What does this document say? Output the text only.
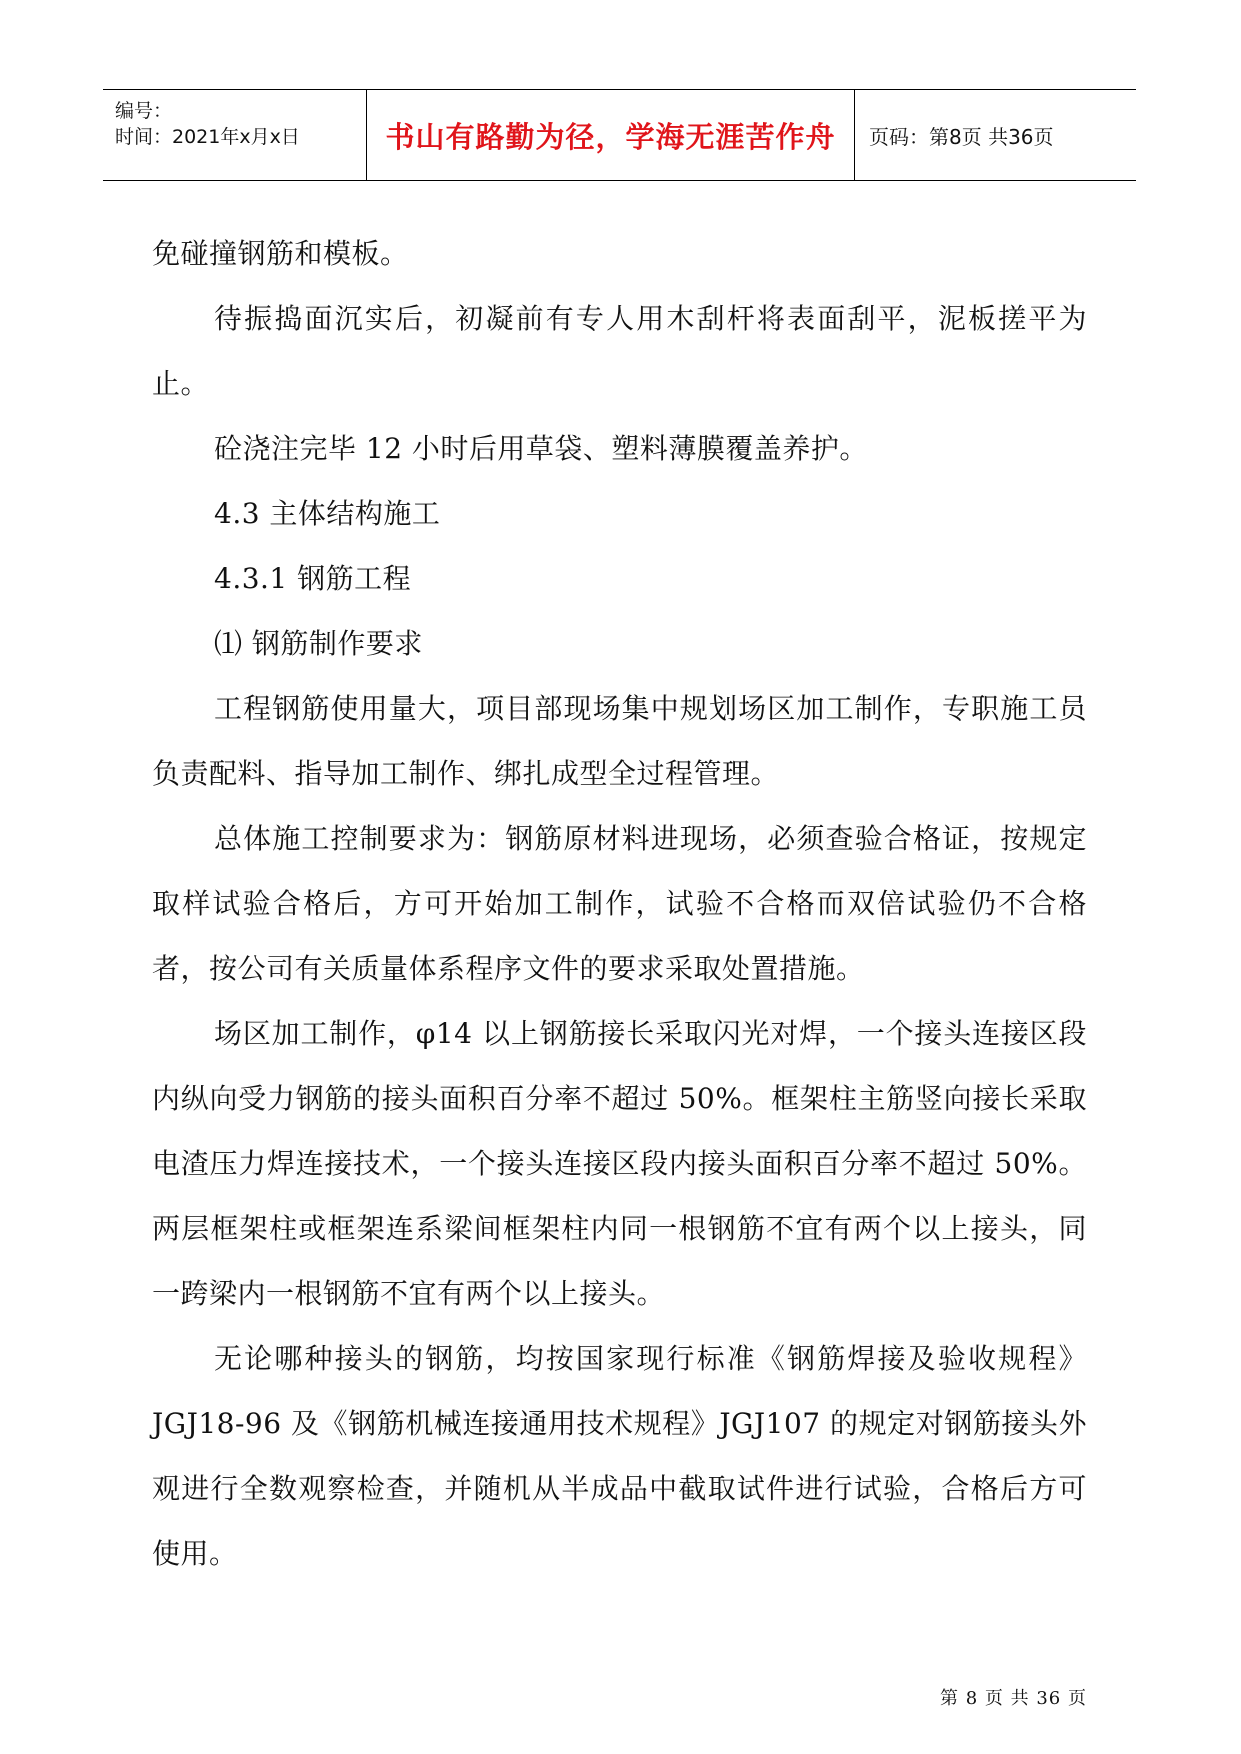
编号：
时间：2021年x月x日	书山有路勤为径，学海无涯苦作舟	页码：第8页 共36页

免碰撞钢筋和模板。

待振捣面沉实后，初凝前有专人用木刮杆将表面刮平，泥板搓平为止。

砼浇注完毕 12 小时后用草袋、塑料薄膜覆盖养护。

4.3 主体结构施工

4.3.1 钢筋工程

⑴ 钢筋制作要求

工程钢筋使用量大，项目部现场集中规划场区加工制作，专职施工员负责配料、指导加工制作、绑扎成型全过程管理。

总体施工控制要求为：钢筋原材料进现场，必须查验合格证，按规定取样试验合格后，方可开始加工制作，试验不合格而双倍试验仍不合格者，按公司有关质量体系程序文件的要求采取处置措施。

场区加工制作，φ14 以上钢筋接长采取闪光对焊，一个接头连接区段内纵向受力钢筋的接头面积百分率不超过 50%。框架柱主筋竖向接长采取电渣压力焊连接技术，一个接头连接区段内接头面积百分率不超过 50%。两层框架柱或框架连系梁间框架柱内同一根钢筋不宜有两个以上接头，同一跨梁内一根钢筋不宜有两个以上接头。

无论哪种接头的钢筋，均按国家现行标准《钢筋焊接及验收规程》JGJ18-96 及《钢筋机械连接通用技术规程》JGJ107 的规定对钢筋接头外观进行全数观察检查，并随机从半成品中截取试件进行试验，合格后方可使用。

第 8 页 共 36 页
